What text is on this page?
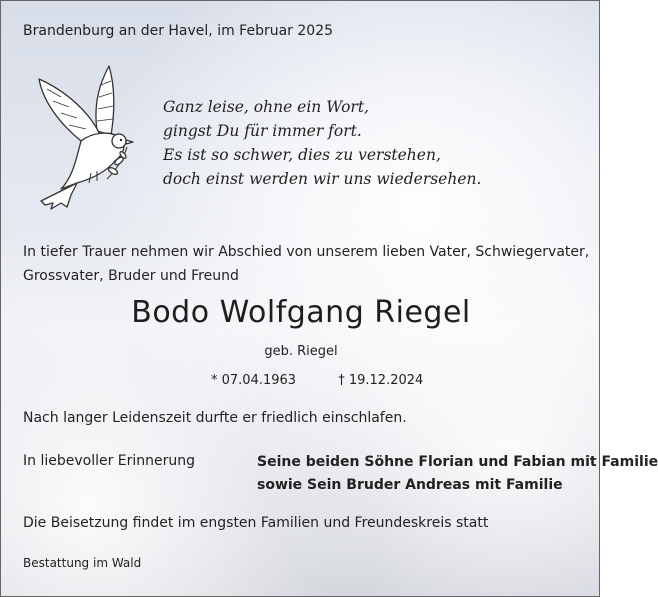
Brandenburg an der Havel, im Februar 2025
Ganz leise, ohne ein Wort,
gingst Du für immer fort.
Es ist so schwer, dies zu verstehen,
doch einst werden wir uns wiedersehen.
In tiefer Trauer nehmen wir Abschied von unserem lieben Vater, Schwiegervater,
Grossvater, Bruder und Freund
Bodo Wolfgang Riegel
geb. Riegel
* 07.04.1963	† 19.12.2024
Nach langer Leidenszeit durfte er friedlich einschlafen.
In liebevoller Erinnerung	Seine beiden Söhne Florian und Fabian mit Familie
sowie Sein Bruder Andreas mit Familie
Die Beisetzung findet im engsten Familien und Freundeskreis statt
Bestattung im Wald
